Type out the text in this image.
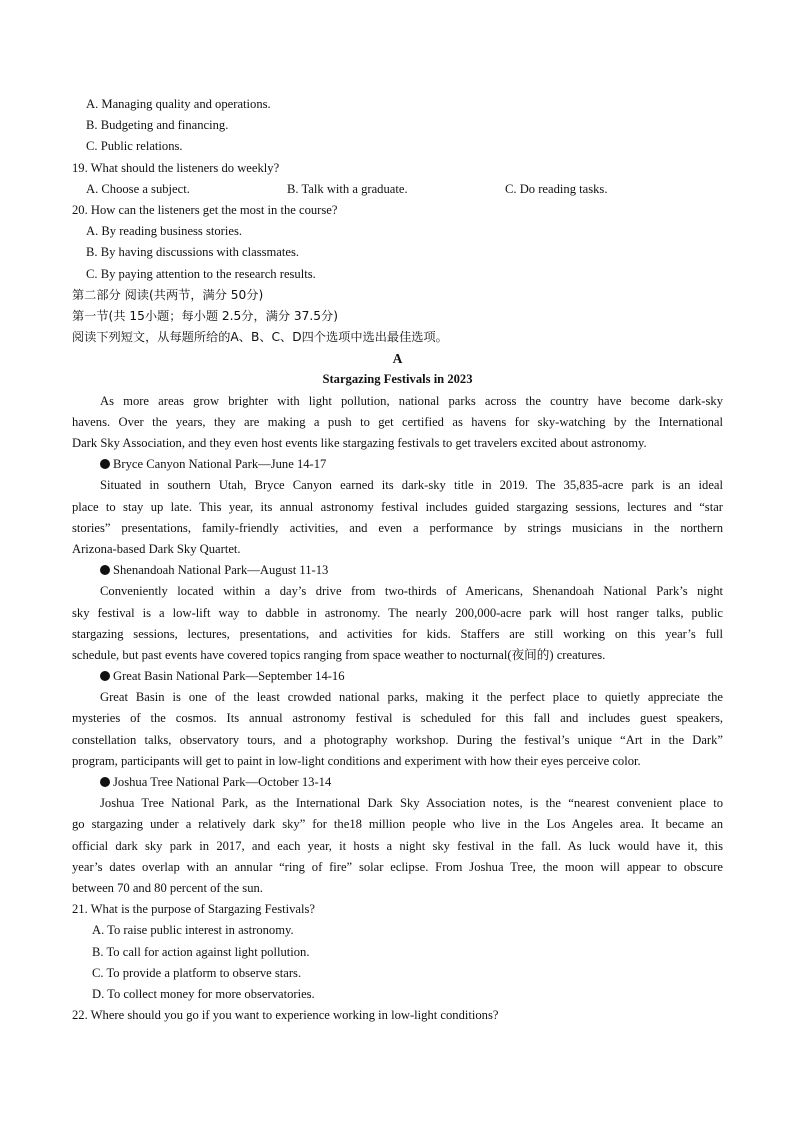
A. Managing quality and operations.
B. Budgeting and financing.
C. Public relations.
19. What should the listeners do weekly?
A. Choose a subject.	B. Talk with a graduate.	C. Do reading tasks.
20. How can the listeners get the most in the course?
A. By reading business stories.
B. By having discussions with classmates.
C. By paying attention to the research results.
第二部分 阅读(共两节，满分 50分)
第一节(共 15小题；每小题 2.5分，满分 37.5分)
阅读下列短文，从每题所给的A、B、C、D四个选项中选出最佳选项。
A
Stargazing Festivals in 2023
As more areas grow brighter with light pollution, national parks across the country have become dark-sky
havens. Over the years, they are making a push to get certified as havens for sky-watching by the International
Dark Sky Association, and they even host events like stargazing festivals to get travelers excited about astronomy.
Bryce Canyon National Park—June 14-17
Situated in southern Utah, Bryce Canyon earned its dark-sky title in 2019. The 35,835-acre park is an ideal
place to stay up late. This year, its annual astronomy festival includes guided stargazing sessions, lectures and “star
stories” presentations, family-friendly activities, and even a performance by strings musicians in the northern
Arizona-based Dark Sky Quartet.
Shenandoah National Park—August 11-13
Conveniently located within a day’s drive from two-thirds of Americans, Shenandoah National Park’s night
sky festival is a low-lift way to dabble in astronomy. The nearly 200,000-acre park will host ranger talks, public
stargazing sessions, lectures, presentations, and activities for kids. Staffers are still working on this year’s full
schedule, but past events have covered topics ranging from space weather to nocturnal(夜间的) creatures.
Great Basin National Park—September 14-16
Great Basin is one of the least crowded national parks, making it the perfect place to quietly appreciate the
mysteries of the cosmos. Its annual astronomy festival is scheduled for this fall and includes guest speakers,
constellation talks, observatory tours, and a photography workshop. During the festival’s unique “Art in the Dark”
program, participants will get to paint in low-light conditions and experiment with how their eyes perceive color.
Joshua Tree National Park—October 13-14
Joshua Tree National Park, as the International Dark Sky Association notes, is the “nearest convenient place to
go stargazing under a relatively dark sky” for the18 million people who live in the Los Angeles area. It became an
official dark sky park in 2017, and each year, it hosts a night sky festival in the fall. As luck would have it, this
year’s dates overlap with an annular “ring of fire” solar eclipse. From Joshua Tree, the moon will appear to obscure
between 70 and 80 percent of the sun.
21. What is the purpose of Stargazing Festivals?
A. To raise public interest in astronomy.
B. To call for action against light pollution.
C. To provide a platform to observe stars.
D. To collect money for more observatories.
22. Where should you go if you want to experience working in low-light conditions?
